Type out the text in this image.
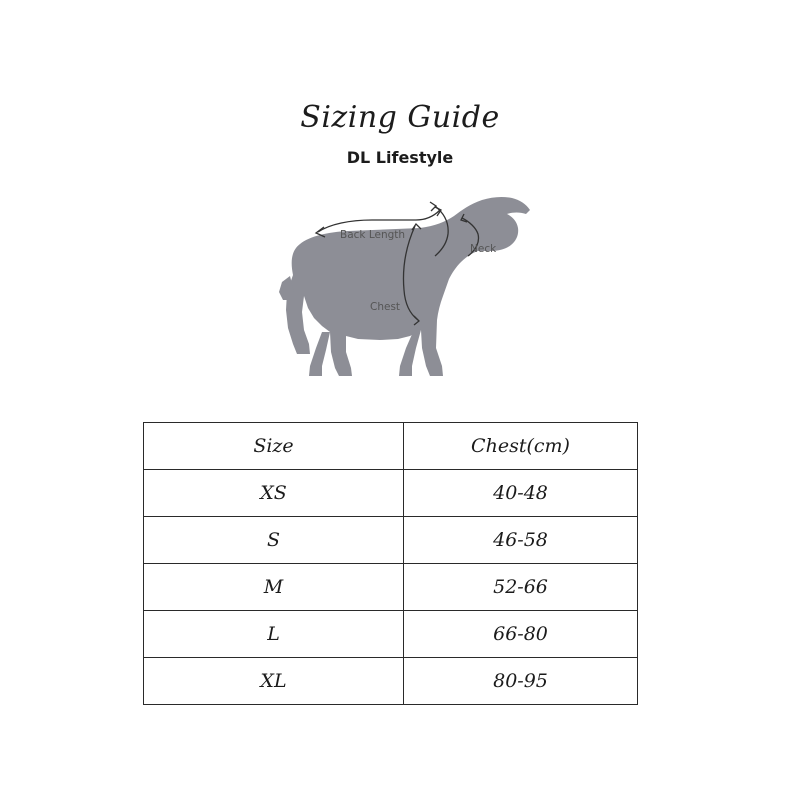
Sizing Guide
DL Lifestyle
Back Length
Neck
Chest
Size	Chest(cm)
XS	40-48
S	46-58
M	52-66
L	66-80
XL	80-95
